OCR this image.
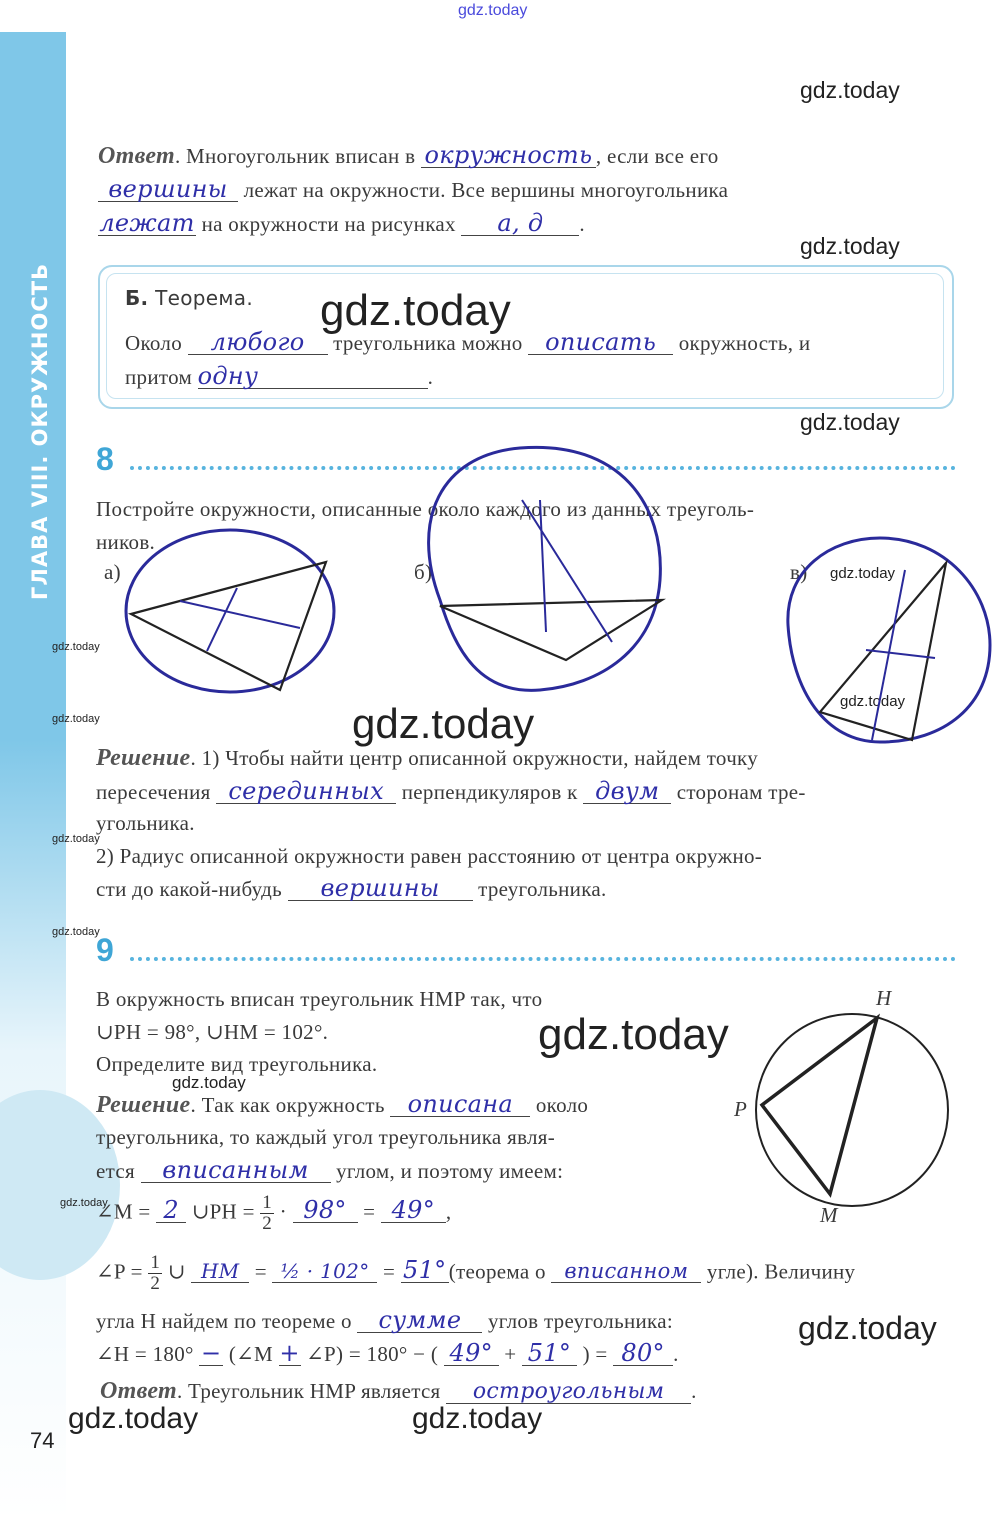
ГЛАВА VIII. ОКРУЖНОСТЬ
gdz.today
gdz.today
gdz.today
gdz.today
gdz.today
gdz.today
gdz.today
gdz.today
gdz.today	gdz.today
gdz.today
gdz.today
gdz.today
gdz.today
gdz.today
gdz.today
gdz.today	gdz.today
Ответ. Многоугольник вписан в окружность , если все его
вершины лежат на окружности. Все вершины многоугольника
лежат на окружности на рисунках а, д .
Б. Теорема.
Около любого треугольника можно описать окружность, и
притом одну	.
8
Постройте окружности, описанные около каждого из данных треуголь-
ников.
а)	б)	в)
Решение. 1) Чтобы найти центр описанной окружности, найдем точку
пересечения серединных перпендикуляров к двум сторонам тре-
угольника.
2) Радиус описанной окружности равен расстоянию от центра окружно-
сти до какой-нибудь вершины треугольника.
9
В окружность вписан треугольник HMP так, что
∪PH = 98°, ∪HM = 102°.
Определите вид треугольника.
H
P
M
Решение. Так как окружность описана около
треугольника, то каждый угол треугольника явля-
ется вписанным углом, и поэтому имеем:
∠M = 2 ∪PH = $\frac{1}{2} \cdot 98^\circ = 49^\circ$ ,
∠P = $\frac{1}{2}$ ∪ HM = ½ · 102° = 51° (теорема о вписанном угле). Величину
угла H найдем по теореме о сумме углов треугольника:
∠H = 180° − (∠M + ∠P) = 180° − ( 49° + 51° ) = 80° .
Ответ. Треугольник HMP является остроугольным .
74
